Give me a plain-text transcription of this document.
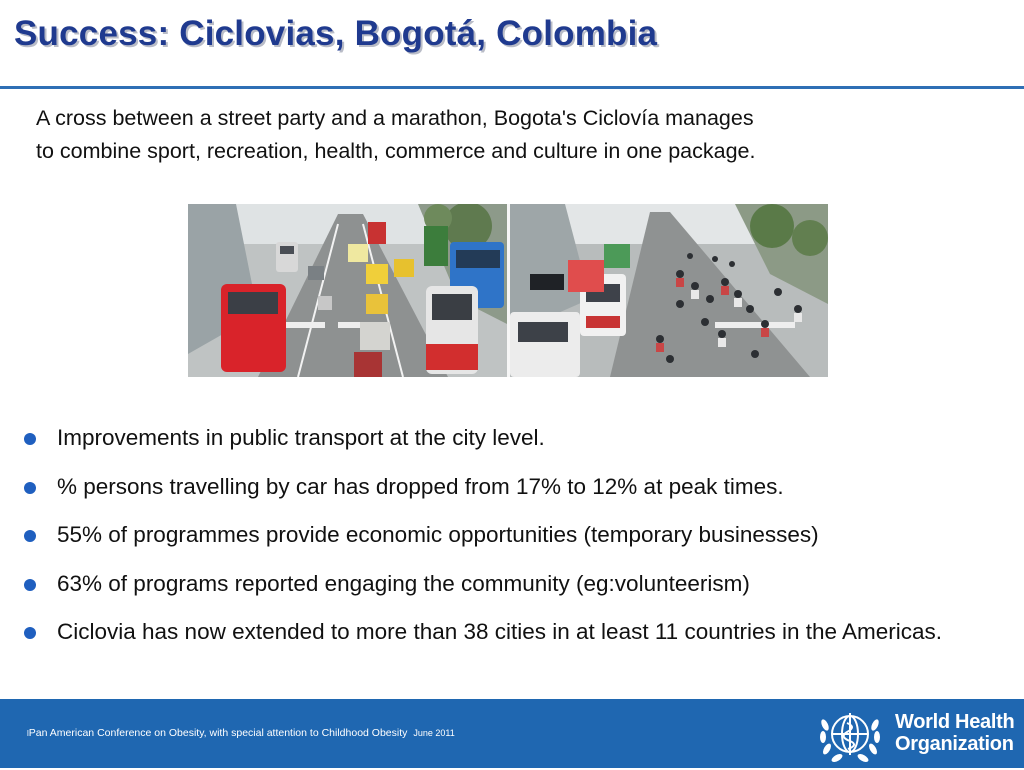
Success: Ciclovias, Bogotá, Colombia
A cross between a street party and a marathon, Bogota's Ciclovía manages
to combine sport, recreation, health, commerce and culture in one package.
Improvements in public transport at the city level.
% persons travelling by car has dropped from 17% to 12% at peak times.
55% of programmes provide economic opportunities (temporary businesses)
63% of programs reported engaging the community (eg:volunteerism)
Ciclovia has now extended to more than 38 cities in at least 11 countries in the Americas.
lPan American Conference on Obesity, with special attention to Childhood Obesity June 2011	World Health
Organization
